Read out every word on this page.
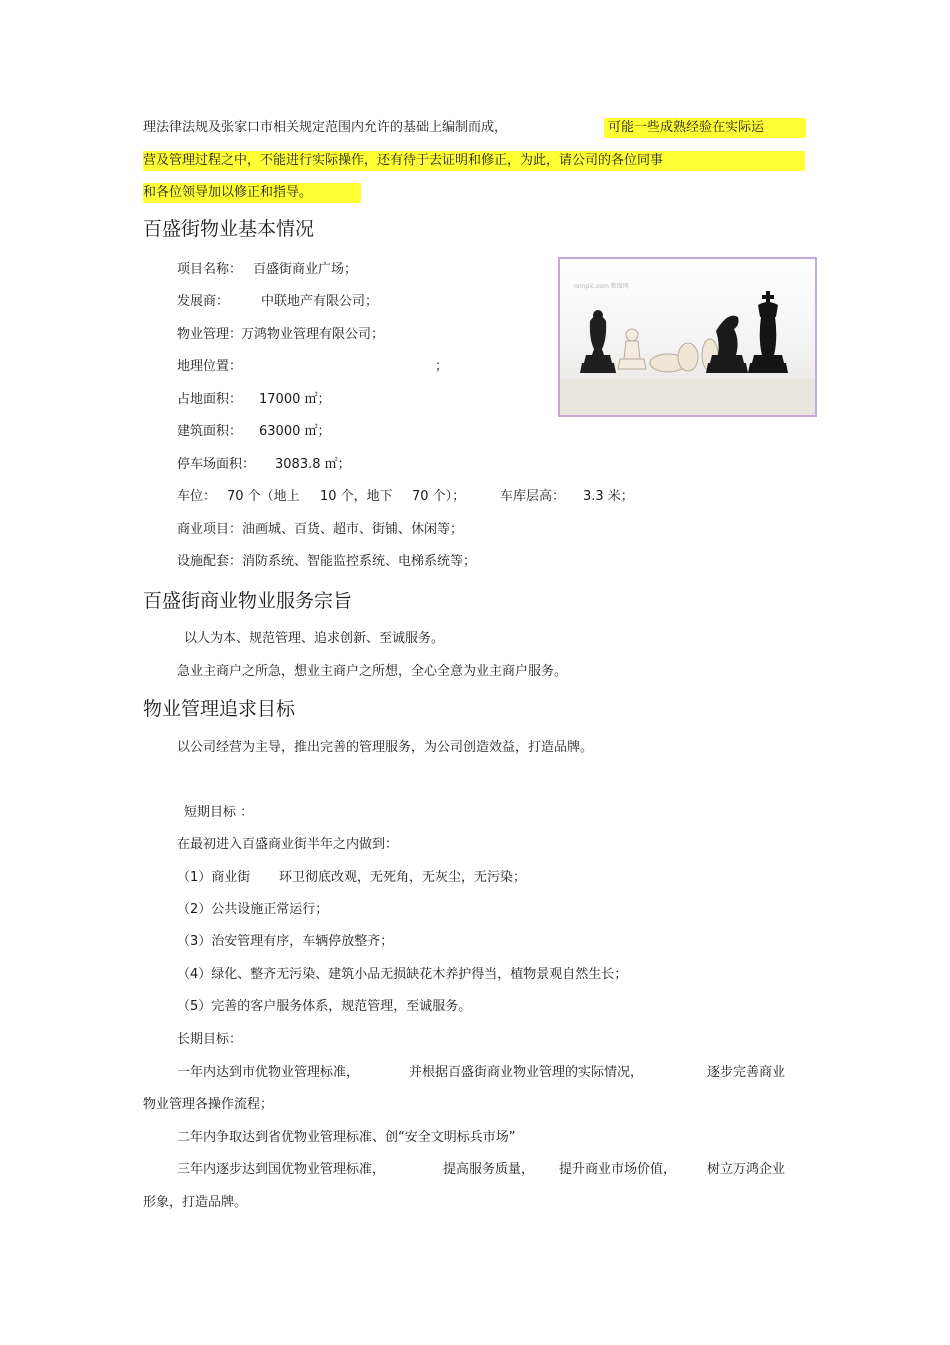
理法律法规及张家口市相关规定范围内允许的基础上编制而成，	可能一些成熟经验在实际运
营及管理过程之中，不能进行实际操作，还有待于去证明和修正，为此，请公司的各位同事
和各位领导加以修正和指导。
百盛街物业基本情况
项目名称： 百盛街商业广场；
发展商： 中联地产有限公司；
物业管理：
万鸿物业管理有限公司；
地理位置：	；
占地面积： 17000 ㎡；
建筑面积： 63000 ㎡；
停车场面积： 3083.8 ㎡；
车位： 70 个（地上 10 个，地下 70 个）；	车库层高： 3.3 米；
商业项目：油画城、百货、超市、街铺、休闲等；
设施配套：消防系统、智能监控系统、电梯系统等；
nnnpic.com 昵图网
百盛街商业物业服务宗旨
以人为本、规范管理、追求创新、至诚服务。
急业主商户之所急，想业主商户之所想，全心全意为业主商户服务。
物业管理追求目标
以公司经营为主导，推出完善的管理服务，为公司创造效益，打造品牌。
短期目标 ：
在最初进入百盛商业街半年之内做到：
（1）商业街 环卫彻底改观，无死角，无灰尘，无污染；
（2）公共设施正常运行；
（3）治安管理有序，车辆停放整齐；
（4）绿化、整齐无污染、建筑小品无损缺花木养护得当，植物景观自然生长；
（5）完善的客户服务体系，规范管理，至诚服务。
长期目标：
一年内达到市优物业管理标准，	并根据百盛街商业物业管理的实际情况，	逐步完善商业
物业管理各操作流程；
二年内争取达到省优物业管理标准、创“安全文明标兵市场”
三年内逐步达到国优物业管理标准，	提高服务质量， 提升商业市场价值， 树立万鸿企业
形象，打造品牌。
